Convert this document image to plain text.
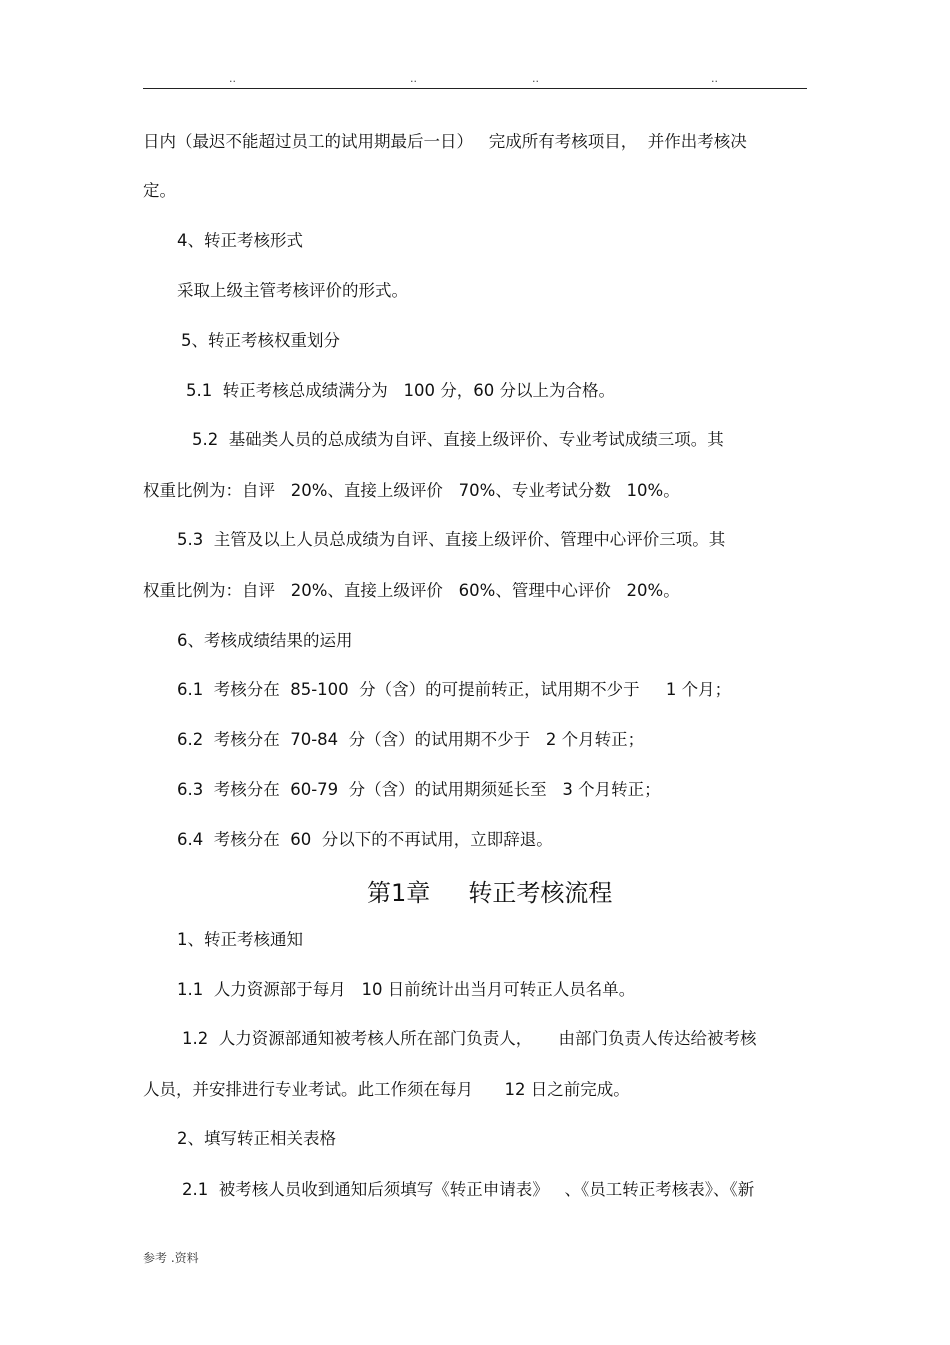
..	..	..	..
日内（最迟不能超过员工的试用期最后一日）   完成所有考核项目，  并作出考核决
定。
4、转正考核形式
采取上级主管考核评价的形式。
5、转正考核权重划分
5.1  转正考核总成绩满分为   100 分，60 分以上为合格。
5.2  基础类人员的总成绩为自评、直接上级评价、专业考试成绩三项。其
权重比例为：自评   20%、直接上级评价   70%、专业考试分数   10%。
5.3  主管及以上人员总成绩为自评、直接上级评价、管理中心评价三项。其
权重比例为：自评   20%、直接上级评价   60%、管理中心评价   20%。
6、考核成绩结果的运用
6.1  考核分在  85-100  分（含）的可提前转正，试用期不少于     1 个月；
6.2  考核分在  70-84  分（含）的试用期不少于   2 个月转正；
6.3  考核分在  60-79  分（含）的试用期须延长至   3 个月转正；
6.4  考核分在  60  分以下的不再试用，立即辞退。
第1章     转正考核流程
1、转正考核通知
1.1  人力资源部于每月   10 日前统计出当月可转正人员名单。
1.2  人力资源部通知被考核人所在部门负责人，     由部门负责人传达给被考核
人员，并安排进行专业考试。此工作须在每月      12 日之前完成。
2、填写转正相关表格
2.1  被考核人员收到通知后须填写《转正申请表》   、《员工转正考核表》、《新
参考 .资料
